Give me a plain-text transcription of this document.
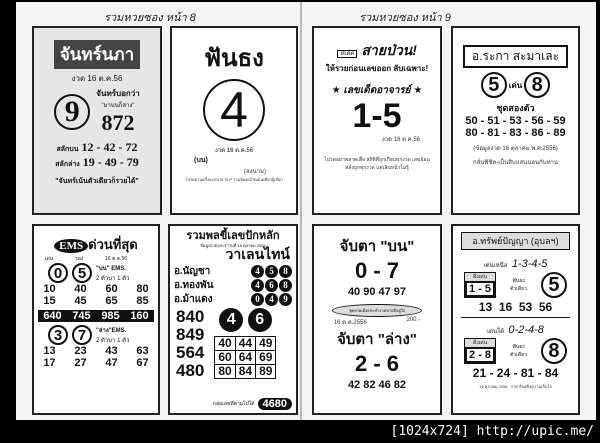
รวมหวยซอง หน้า 8	รวมหวยซอง หน้า 9
จันทร์นภา
งวด 16 ต.ค.56
9
จันทร์บอกว่า
"มาบนก็ล่าง"
872
สลักบน 12 - 42 - 72
สลักล่าง 19 - 49 - 79
"จันทร์เน้นตัวเดียวก็รวยได้"
ฟันธง
4
งวด 16 ต.ค.56
(บน)
(ลงนาม)
โปรดอ่านครั้งแรกนาย SLP รวมข้อคนไข่แผ่นเดียวผู้เลือก
ทีเด็ด สายป่วน!
ให้รวยก่อนเลขออก ลับเฉพาะ!
★ เลขเด็ดอาจารย์ ★
1-5
งวด 16 ต.ค.56
โปรดอย่าพลาดเลื่อ สถิติที่ถูกเกือบทุกงวด เลขอ้อนหลังถูกทุกงวด แต่เลินหน้าไม่รู้
อ.ระกา สะมาเละ
5	เด่น 8
ชุดสองตัว
50 - 51 - 53 - 56 - 59
80 - 81 - 83 - 86 - 89
(ข้อมูลงวด 16 ตุลาคม พ.ศ.2556)
กลั่นพิชิต-เป็นสิบแสนนอนกับท่าน
EMS ด่วนที่สุด
เด่น	รอง	16 ต.ค.56
0	5	"บน" EMS.
2 ตัวบา 1 ตัว
10 40 60 80
15 45 65 85
640 745 985 160
3	7	"ล่าง"EMS.
2 ตัวบา 1 ตัว
13 23 43 63
17 27 47 67
รวมพลขี้เลขปักหลัก
ข้อมูลงวดประจำวันที่ 16 ตุลาคม 2556
วาเลนไทน์
อ.นัญชา	4 5 8
อ.ทองพัน	4 6 8
อ.ม้าแดง	0 4 9
840
849
564
480
4 6
40	44	49
60	64	69
80	84	89
กลุ่มเลขที่ตามไปได้ 4680
จับตา "บน"
0 - 7
40 90 47 97
ชุดหวยเด็ดประจำงวดขายดีอยู่ใจ
16 ต.ค.2556	200.-
จับตา "ล่าง"
2 - 6
42 82 46 82
อ.ทรัพย์ปัญญา (อุบลฯ)
เด่นเหนือ 1-3-4-5
ดึงเด่น
1 - 5
ฟันธง
ตัวเดียว	5
13  16  53  56
เด่นใต้ 0-2-4-8
ดึงเด่น
2 - 8
ฟันธง
ตัวเดียว	8
21 - 24 - 81 - 84
16 ตุลาคม 2556   ราคาปีเสด็จความเก็บใจ
[1024x724] http://upic.me/
